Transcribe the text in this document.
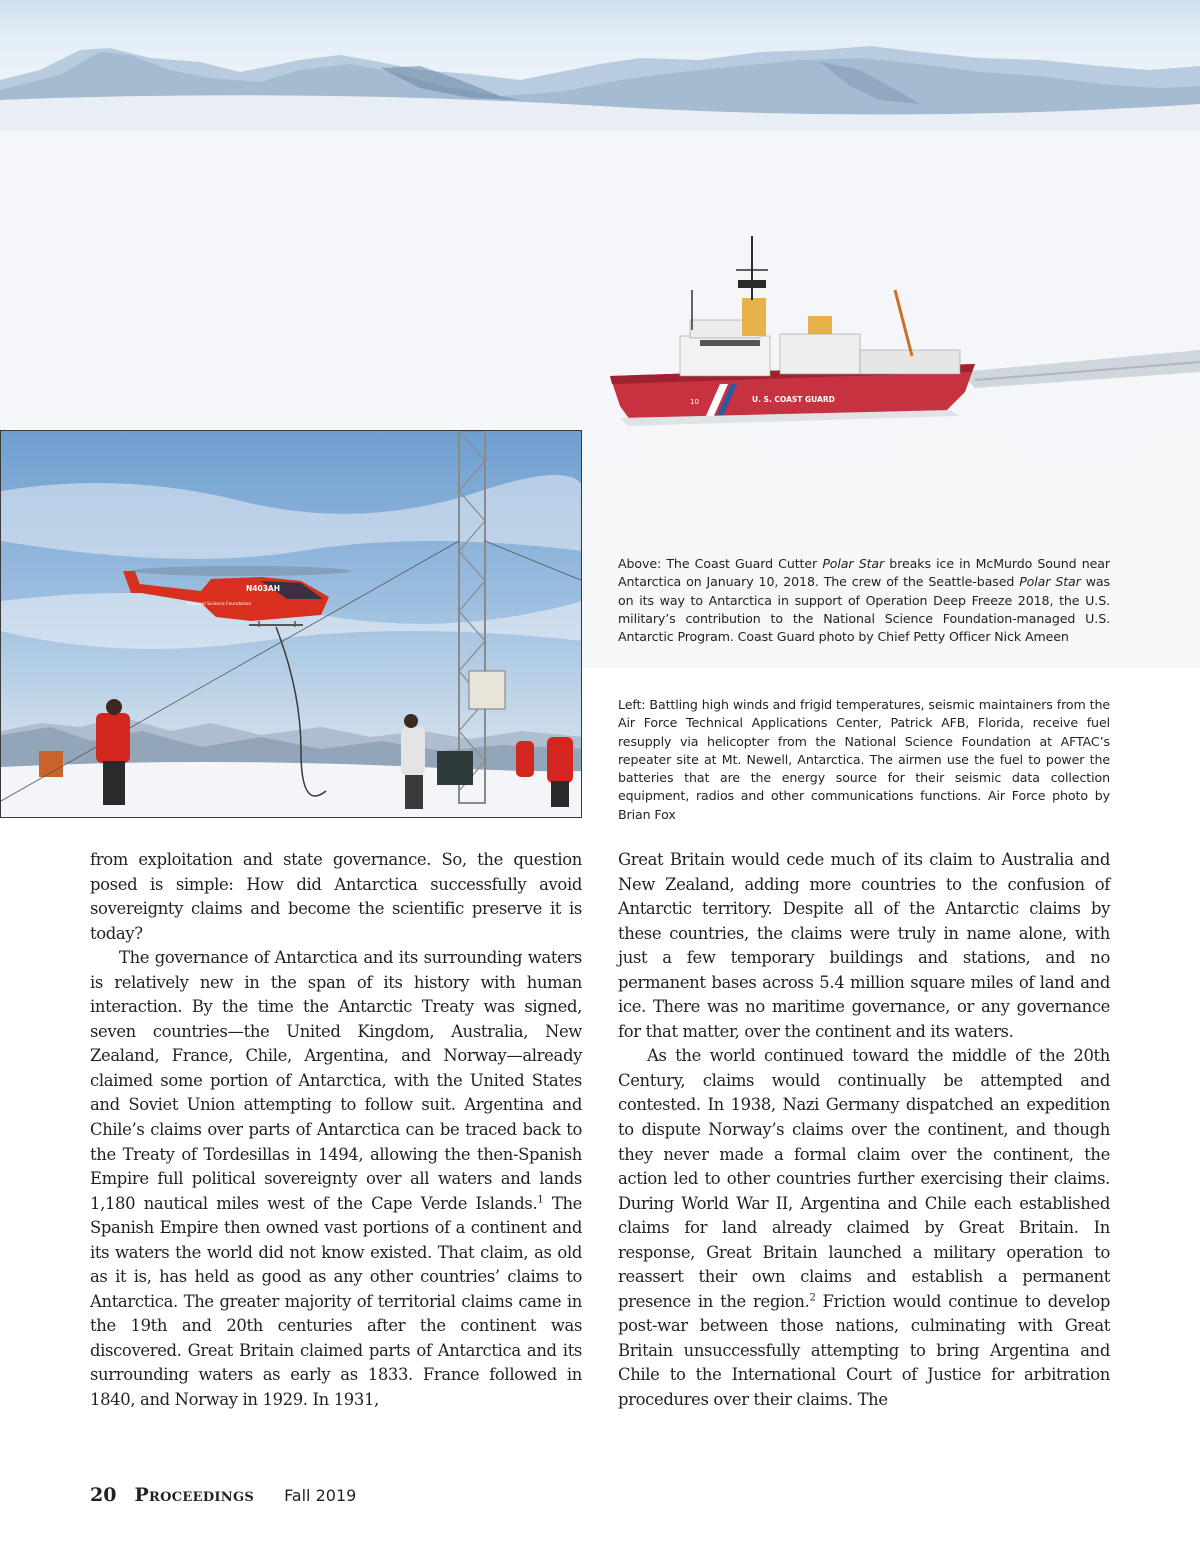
U. S. COAST GUARD
10
N403AH
National Science Foundation
Above: The Coast Guard Cutter Polar Star breaks ice in McMurdo Sound near Antarctica on January 10, 2018. The crew of the Seattle-based Polar Star was on its way to Antarctica in support of Operation Deep Freeze 2018, the U.S. military’s contribution to the National Science Foundation-managed U.S. Antarctic Program. Coast Guard photo by Chief Petty Officer Nick Ameen
Left: Battling high winds and frigid temperatures, seismic maintainers from the Air Force Technical Applications Center, Patrick AFB, Florida, receive fuel resupply via helicopter from the National Science Foundation at AFTAC’s repeater site at Mt. Newell, Antarctica. The airmen use the fuel to power the batteries that are the energy source for their seismic data collection equipment, radios and other communications functions. Air Force photo by Brian Fox

from exploitation and state governance. So, the question posed is simple: How did Antarctica successfully avoid sovereignty claims and become the scientific preserve it is today?

The governance of Antarctica and its surrounding waters is relatively new in the span of its history with human interaction. By the time the Antarctic Treaty was signed, seven countries—the United Kingdom, Australia, New Zealand, France, Chile, Argentina, and Norway—already claimed some portion of Antarctica, with the United States and Soviet Union attempting to follow suit. Argentina and Chile’s claims over parts of Antarctica can be traced back to the Treaty of Tordesillas in 1494, allowing the then-Spanish Empire full political sovereignty over all waters and lands 1,180 nautical miles west of the Cape Verde Islands.$^1$ The Spanish Empire then owned vast portions of a continent and its waters the world did not know existed. That claim, as old as it is, has held as good as any other countries’ claims to Antarctica. The greater majority of territorial claims came in the 19th and 20th centuries after the continent was discovered. Great Britain claimed parts of Antarctica and its surrounding waters as early as 1833. France followed in 1840, and Norway in 1929. In 1931,

Great Britain would cede much of its claim to Australia and New Zealand, adding more countries to the confusion of Antarctic territory. Despite all of the Antarctic claims by these countries, the claims were truly in name alone, with just a few temporary buildings and stations, and no permanent bases across 5.4 million square miles of land and ice. There was no maritime governance, or any governance for that matter, over the continent and its waters.

As the world continued toward the middle of the 20th Century, claims would continually be attempted and contested. In 1938, Nazi Germany dispatched an expedition to dispute Norway’s claims over the continent, and though they never made a formal claim over the continent, the action led to other countries further exercising their claims. During World War II, Argentina and Chile each established claims for land already claimed by Great Britain. In response, Great Britain launched a military operation to reassert their own claims and establish a permanent presence in the region.$^2$ Friction would continue to develop post-war between those nations, culminating with Great Britain unsuccessfully attempting to bring Argentina and Chile to the International Court of Justice for arbitration procedures over their claims. The

20 Proceedings Fall 2019
